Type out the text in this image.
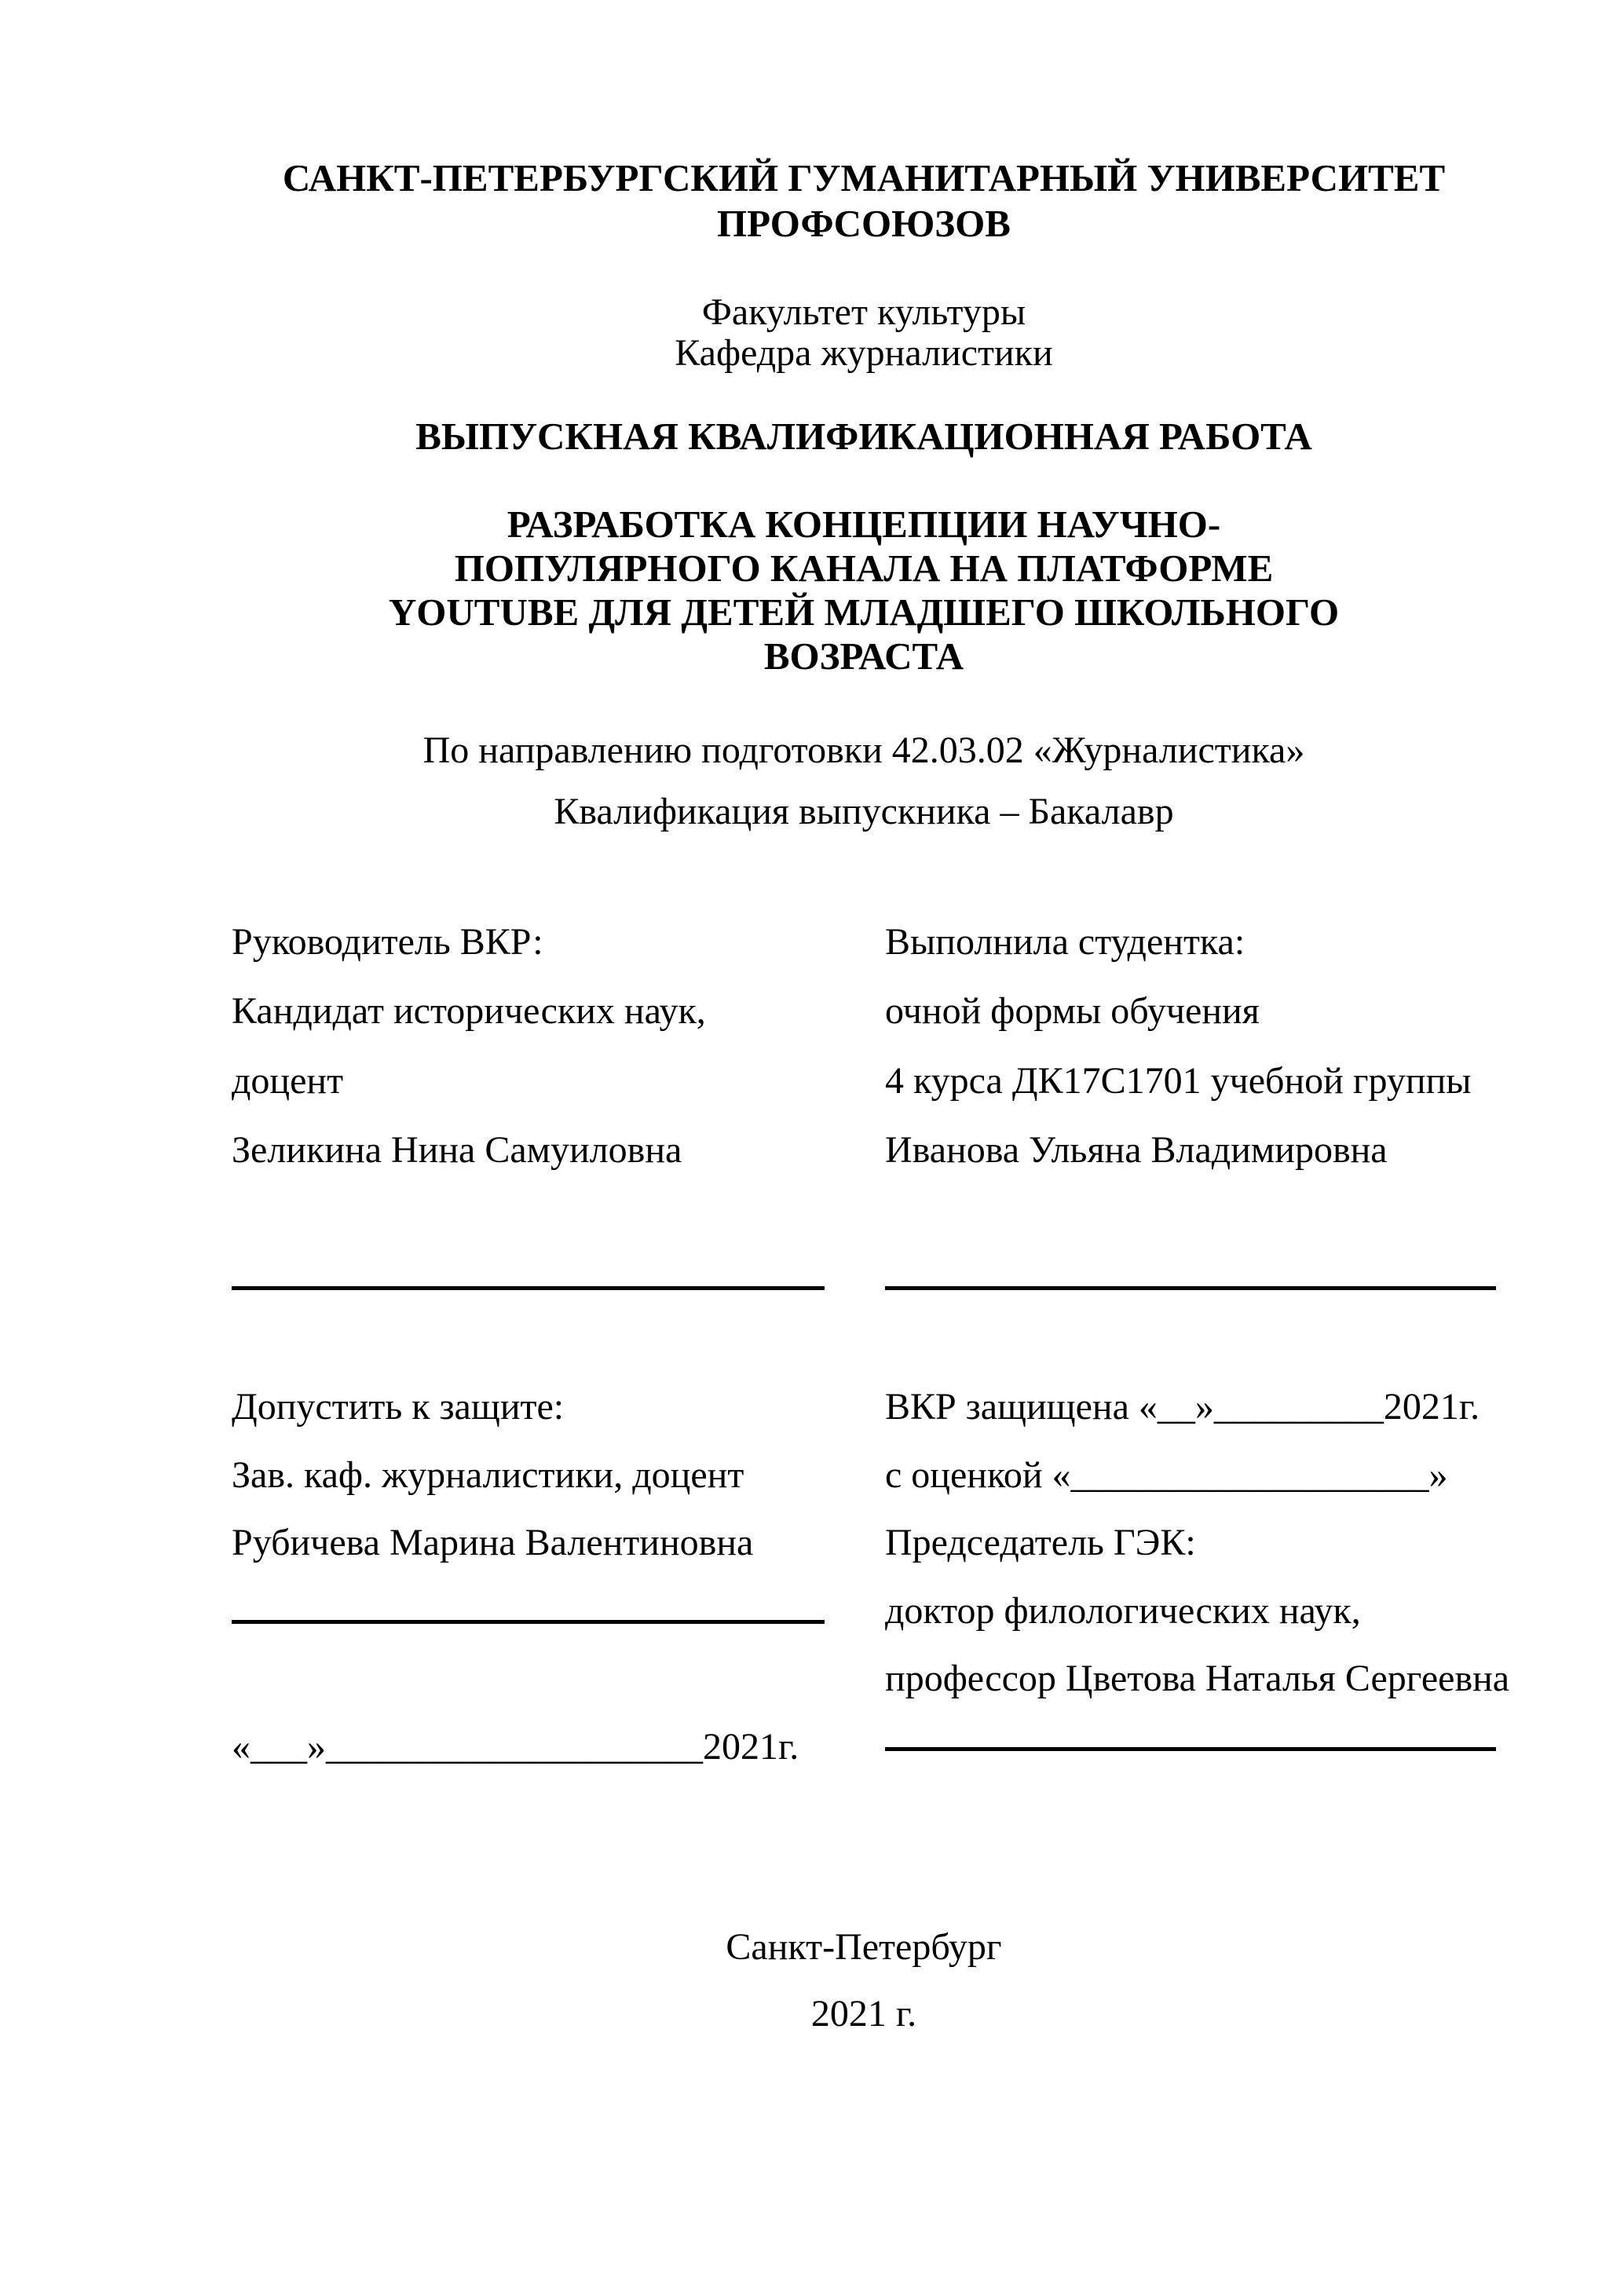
САНКТ-ПЕТЕРБУРГСКИЙ ГУМАНИТАРНЫЙ УНИВЕРСИТЕТ
ПРОФСОЮЗОВ
Факультет культуры
Кафедра журналистики
ВЫПУСКНАЯ КВАЛИФИКАЦИОННАЯ РАБОТА
РАЗРАБОТКА КОНЦЕПЦИИ НАУЧНО-
ПОПУЛЯРНОГО КАНАЛА НА ПЛАТФОРМЕ
YOUTUBE ДЛЯ ДЕТЕЙ МЛАДШЕГО ШКОЛЬНОГО
ВОЗРАСТА
По направлению подготовки 42.03.02 «Журналистика»
Квалификация выпускника – Бакалавр
Руководитель ВКР:
Кандидат исторических наук,
доцент
Зеликина Нина Самуиловна
Выполнила студентка:
очной формы обучения
4 курса ДК17С1701 учебной группы
Иванова Ульяна Владимировна
Допустить к защите:
Зав. каф. журналистики, доцент
Рубичева Марина Валентиновна
«___»____________________2021г.
ВКР защищена «__»_________2021г.
с оценкой «___________________»
Председатель ГЭК:
доктор филологических наук,
профессор Цветова Наталья Сергеевна
Санкт-Петербург
2021 г.
